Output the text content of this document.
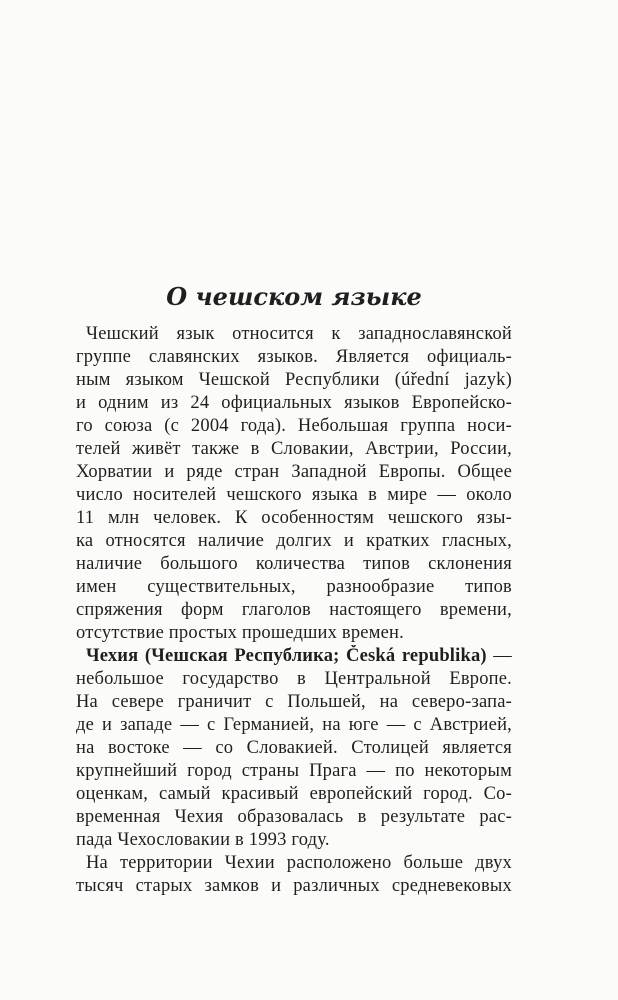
О чешском языке
Чешский язык относится к западнославянской
группе славянских языков. Является официаль-
ным языком Чешской Республики (úřední jazyk)
и одним из 24 официальных языков Европейско-
го союза (с 2004 года). Небольшая группа носи-
телей живёт также в Словакии, Австрии, России,
Хорватии и ряде стран Западной Европы. Общее
число носителей чешского языка в мире — около
11 млн человек. К особенностям чешского язы-
ка относятся наличие долгих и кратких гласных,
наличие большого количества типов склонения
имен существительных, разнообразие типов
спряжения форм глаголов настоящего времени,
отсутствие простых прошедших времен.
Чехия (Чешская Республика; Česká republika) —
небольшое государство в Центральной Европе.
На севере граничит с Польшей, на северо-запа-
де и западе — с Германией, на юге — с Австрией,
на востоке — со Словакией. Столицей является
крупнейший город страны Прага — по некоторым
оценкам, самый красивый европейский город. Со-
временная Чехия образовалась в результате рас-
пада Чехословакии в 1993 году.
На территории Чехии расположено больше двух
тысяч старых замков и различных средневековых
